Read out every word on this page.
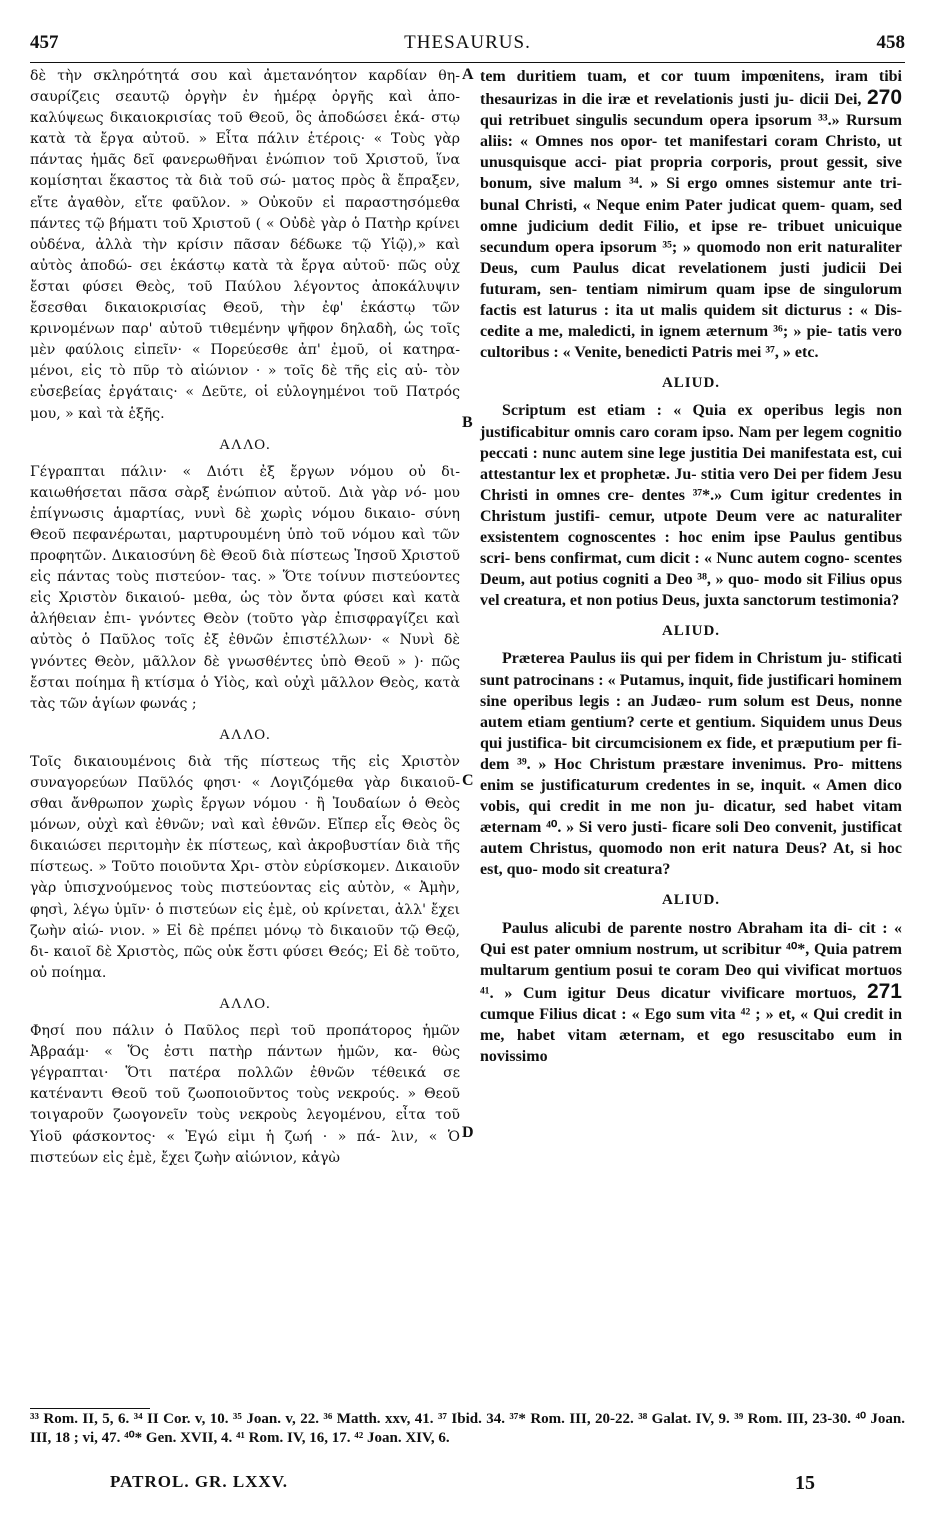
457	THESAURUS.	458

δὲ τὴν σκληρότητά σου καὶ ἀμετανόητον καρδίαν θη- σαυρίζεις σεαυτῷ ὀργὴν ἐν ἡμέρᾳ ὀργῆς καὶ ἀπο- καλύψεως δικαιοκρισίας τοῦ Θεοῦ, ὃς ἀποδώσει ἑκά- στῳ κατὰ τὰ ἔργα αὐτοῦ. » Εἶτα πάλιν ἑτέροις· « Τοὺς γὰρ πάντας ἡμᾶς δεῖ φανερωθῆναι ἐνώπιον τοῦ Χριστοῦ, ἵνα κομίσηται ἕκαστος τὰ διὰ τοῦ σώ- ματος πρὸς ἃ ἔπραξεν, εἴτε ἀγαθὸν, εἴτε φαῦλον. » Οὐκοῦν εἰ παραστησόμεθα πάντες τῷ βήματι τοῦ Χριστοῦ ( « Οὐδὲ γὰρ ὁ Πατὴρ κρίνει οὐδένα, ἀλλὰ τὴν κρίσιν πᾶσαν δέδωκε τῷ Υἱῷ),» καὶ αὐτὸς ἀποδώ- σει ἑκάστῳ κατὰ τὰ ἔργα αὐτοῦ· πῶς οὐχ ἔσται φύσει Θεὸς, τοῦ Παύλου λέγοντος ἀποκάλυψιν ἔσεσθαι δικαιοκρισίας Θεοῦ, τὴν ἐφ' ἑκάστῳ τῶν κρινομένων παρ' αὐτοῦ τιθεμένην ψῆφον δηλαδὴ, ὡς τοῖς μὲν φαύλοις εἰπεῖν· « Πορεύεσθε ἀπ' ἐμοῦ, οἱ κατηρα- μένοι, εἰς τὸ πῦρ τὸ αἰώνιον · » τοῖς δὲ τῆς εἰς αὐ- τὸν εὐσεβείας ἐργάταις· « Δεῦτε, οἱ εὐλογημένοι τοῦ Πατρός μου, » καὶ τὰ ἑξῆς.

ΑΛΛΟ.

Γέγραπται πάλιν· « Διότι ἐξ ἔργων νόμου οὐ δι- καιωθήσεται πᾶσα σὰρξ ἐνώπιον αὐτοῦ. Διὰ γὰρ νό- μου ἐπίγνωσις ἁμαρτίας, νυνὶ δὲ χωρὶς νόμου δικαιο- σύνη Θεοῦ πεφανέρωται, μαρτυρουμένη ὑπὸ τοῦ νόμου καὶ τῶν προφητῶν. Δικαιοσύνη δὲ Θεοῦ διὰ πίστεως Ἰησοῦ Χριστοῦ εἰς πάντας τοὺς πιστεύον- τας. » Ὅτε τοίνυν πιστεύοντες εἰς Χριστὸν δικαιού- μεθα, ὡς τὸν ὄντα φύσει καὶ κατὰ ἀλήθειαν ἐπι- γνόντες Θεὸν (τοῦτο γὰρ ἐπισφραγίζει καὶ αὐτὸς ὁ Παῦλος τοῖς ἐξ ἐθνῶν ἐπιστέλλων· « Νυνὶ δὲ γνόντες Θεὸν, μᾶλλον δὲ γνωσθέντες ὑπὸ Θεοῦ » )· πῶς ἔσται ποίημα ἢ κτίσμα ὁ Υἱὸς, καὶ οὐχὶ μᾶλλον Θεὸς, κατὰ τὰς τῶν ἁγίων φωνάς ;

ΑΛΛΟ.

Τοῖς δικαιουμένοις διὰ τῆς πίστεως τῆς εἰς Χριστὸν συναγορεύων Παῦλός φησι· « Λογιζόμεθα γὰρ δικαιοῦ- σθαι ἄνθρωπον χωρὶς ἔργων νόμου · ἢ Ἰουδαίων ὁ Θεὸς μόνων, οὐχὶ καὶ ἐθνῶν; ναὶ καὶ ἐθνῶν. Εἴπερ εἷς Θεὸς ὃς δικαιώσει περιτομὴν ἐκ πίστεως, καὶ ἀκροβυστίαν διὰ τῆς πίστεως. » Τοῦτο ποιοῦντα Χρι- στὸν εὑρίσκομεν. Δικαιοῦν γὰρ ὑπισχνούμενος τοὺς πιστεύοντας εἰς αὐτὸν, « Ἀμὴν, φησὶ, λέγω ὑμῖν· ὁ πιστεύων εἰς ἐμὲ, οὐ κρίνεται, ἀλλ' ἔχει ζωὴν αἰώ- νιον. » Εἰ δὲ πρέπει μόνῳ τὸ δικαιοῦν τῷ Θεῷ, δι- καιοῖ δὲ Χριστὸς, πῶς οὐκ ἔστι φύσει Θεός; Εἰ δὲ τοῦτο, οὐ ποίημα.

ΑΛΛΟ.

Φησί που πάλιν ὁ Παῦλος περὶ τοῦ προπάτορος ἡμῶν Ἀβραάμ· « Ὅς ἐστι πατὴρ πάντων ἡμῶν, κα- θὼς γέγραπται· Ὅτι πατέρα πολλῶν ἐθνῶν τέθεικά σε κατέναντι Θεοῦ τοῦ ζωοποιοῦντος τοὺς νεκρούς. » Θεοῦ τοιγαροῦν ζωογονεῖν τοὺς νεκροὺς λεγομένου, εἶτα τοῦ Υἱοῦ φάσκοντος· « Ἐγώ εἰμι ἡ ζωή · » πά- λιν, « Ὁ πιστεύων εἰς ἐμὲ, ἔχει ζωὴν αἰώνιον, κἀγὼ

A
B
C
D

tem duritiem tuam, et cor tuum impœnitens, iram tibi thesaurizas in die iræ et revelationis justi ju- dicii Dei, 270 qui retribuet singulis secundum opera ipsorum ³³.» Rursum aliis: « Omnes nos opor- tet manifestari coram Christo, ut unusquisque acci- piat propria corporis, prout gessit, sive bonum, sive malum ³⁴. » Si ergo omnes sistemur ante tri- bunal Christi, « Neque enim Pater judicat quem- quam, sed omne judicium dedit Filio, et ipse re- tribuet unicuique secundum opera ipsorum ³⁵; » quomodo non erit naturaliter Deus, cum Paulus dicat revelationem justi judicii Dei futuram, sen- tentiam nimirum quam ipse de singulorum factis est laturus : ita ut malis quidem sit dicturus : « Dis- cedite a me, maledicti, in ignem æternum ³⁶; » pie- tatis vero cultoribus : « Venite, benedicti Patris mei ³⁷, » etc.

ALIUD.

Scriptum est etiam : « Quia ex operibus legis non justificabitur omnis caro coram ipso. Nam per legem cognitio peccati : nunc autem sine lege justitia Dei manifestata est, cui attestantur lex et prophetæ. Ju- stitia vero Dei per fidem Jesu Christi in omnes cre- dentes ³⁷*.» Cum igitur credentes in Christum justifi- cemur, utpote Deum vere ac naturaliter exsistentem cognoscentes : hoc enim ipse Paulus gentibus scri- bens confirmat, cum dicit : « Nunc autem cogno- scentes Deum, aut potius cogniti a Deo ³⁸, » quo- modo sit Filius opus vel creatura, et non potius Deus, juxta sanctorum testimonia?

ALIUD.

Præterea Paulus iis qui per fidem in Christum ju- stificati sunt patrocinans : « Putamus, inquit, fide justificari hominem sine operibus legis : an Judæo- rum solum est Deus, nonne autem etiam gentium? certe et gentium. Siquidem unus Deus qui justifica- bit circumcisionem ex fide, et præputium per fi- dem ³⁹. » Hoc Christum præstare invenimus. Pro- mittens enim se justificaturum credentes in se, inquit. « Amen dico vobis, qui credit in me non ju- dicatur, sed habet vitam æternam ⁴⁰. » Si vero justi- ficare soli Deo convenit, justificat autem Christus, quomodo non erit natura Deus? At, si hoc est, quo- modo sit creatura?

ALIUD.

Paulus alicubi de parente nostro Abraham ita di- cit : « Qui est pater omnium nostrum, ut scribitur ⁴⁰*, Quia patrem multarum gentium posui te coram Deo qui vivificat mortuos ⁴¹. » Cum igitur Deus dicatur vivificare mortuos, 271 cumque Filius dicat : « Ego sum vita ⁴² ; » et, « Qui credit in me, habet vitam æternam, et ego resuscitabo eum in novissimo

³³ Rom. II, 5, 6. ³⁴ II Cor. v, 10. ³⁵ Joan. v, 22. ³⁶ Matth. xxv, 41. ³⁷ Ibid. 34. ³⁷* Rom. III, 20-22. ³⁸ Galat. IV, 9. ³⁹ Rom. III, 23-30. ⁴⁰ Joan. III, 18 ; vi, 47. ⁴⁰* Gen. XVII, 4. ⁴¹ Rom. IV, 16, 17. ⁴² Joan. XIV, 6.
PATROL. GR. LXXV.	15
